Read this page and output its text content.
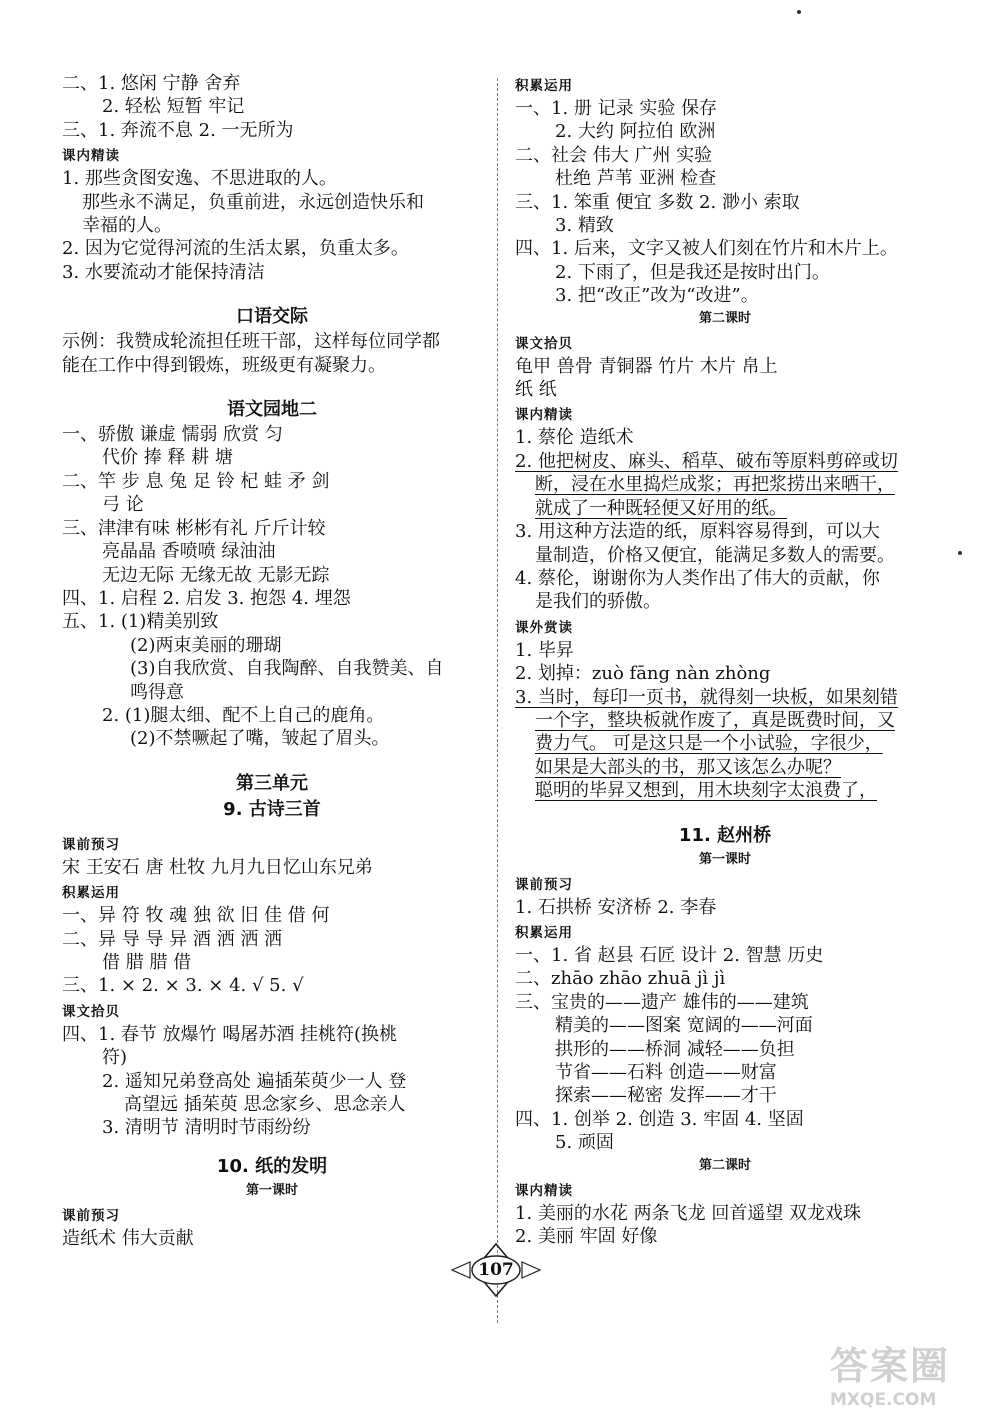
二、1. 悠闲 宁静 舍弃
2. 轻松 短暂 牢记
三、1. 奔流不息 2. 一无所为
课内精读
1. 那些贪图安逸、不思进取的人。
那些永不满足，负重前进，永远创造快乐和
幸福的人。
2. 因为它觉得河流的生活太累，负重太多。
3. 水要流动才能保持清洁
口语交际
示例：我赞成轮流担任班干部，这样每位同学都
能在工作中得到锻炼，班级更有凝聚力。
语文园地二
一、骄傲 谦虚 懦弱 欣赏 匀
代价 捧 释 耕 塘
二、竿 步 息 兔 足 铃 杞 蛙 矛 剑
弓 论
三、津津有味 彬彬有礼 斤斤计较
亮晶晶 香喷喷 绿油油
无边无际 无缘无故 无影无踪
四、1. 启程 2. 启发 3. 抱怨 4. 埋怨
五、1. (1)精美别致
(2)两束美丽的珊瑚
(3)自我欣赏、自我陶醉、自我赞美、自
鸣得意
2. (1)腿太细、配不上自己的鹿角。
(2)不禁噘起了嘴，皱起了眉头。
第三单元
9. 古诗三首
课前预习
宋 王安石 唐 杜牧 九月九日忆山东兄弟
积累运用
一、异 符 牧 魂 独 欲 旧 佳 借 何
二、异 导 导 异 酒 洒 洒 洒
借 腊 腊 借
三、1. × 2. × 3. × 4. √ 5. √
课文拾贝
四、1. 春节 放爆竹 喝屠苏酒 挂桃符(换桃
符)
2. 遥知兄弟登高处 遍插茱萸少一人 登
高望远 插茱萸 思念家乡、思念亲人
3. 清明节 清明时节雨纷纷
10. 纸的发明
第一课时
课前预习
造纸术 伟大贡献
积累运用
一、1. 册 记录 实验 保存
2. 大约 阿拉伯 欧洲
二、社会 伟大 广州 实验
杜绝 芦苇 亚洲 检查
三、1. 笨重 便宜 多数 2. 渺小 索取
3. 精致
四、1. 后来，文字又被人们刻在竹片和木片上。
2. 下雨了，但是我还是按时出门。
3. 把“改正”改为“改进”。
第二课时
课文拾贝
龟甲 兽骨 青铜器 竹片 木片 帛上
纸 纸
课内精读
1. 蔡伦 造纸术
2. 他把树皮、麻头、稻草、破布等原料剪碎或切
断，浸在水里捣烂成浆；再把浆捞出来晒干，
就成了一种既轻便又好用的纸。
3. 用这种方法造的纸，原料容易得到，可以大
量制造，价格又便宜，能满足多数人的需要。
4. 蔡伦，谢谢你为人类作出了伟大的贡献，你
是我们的骄傲。
课外赏读
1. 毕昇
2. 划掉：zuò fāng nàn zhòng
3. 当时，每印一页书，就得刻一块板，如果刻错
一个字，整块板就作废了，真是既费时间，又
费力气。 可是这只是一个小试验，字很少，
如果是大部头的书，那又该怎么办呢？
聪明的毕昇又想到，用木块刻字太浪费了，
11. 赵州桥
第一课时
课前预习
1. 石拱桥 安济桥 2. 李春
积累运用
一、1. 省 赵县 石匠 设计 2. 智慧 历史
二、zhāo zhāo zhuā jì jì
三、宝贵的——遗产 雄伟的——建筑
精美的——图案 宽阔的——河面
拱形的——桥洞 减轻——负担
节省——石料 创造——财富
探索——秘密 发挥——才干
四、1. 创举 2. 创造 3. 牢固 4. 坚固
5. 顽固
第二课时
课内精读
1. 美丽的水花 两条飞龙 回首遥望 双龙戏珠
2. 美丽 牢固 好像
107
答案圈
MXQE.COM
